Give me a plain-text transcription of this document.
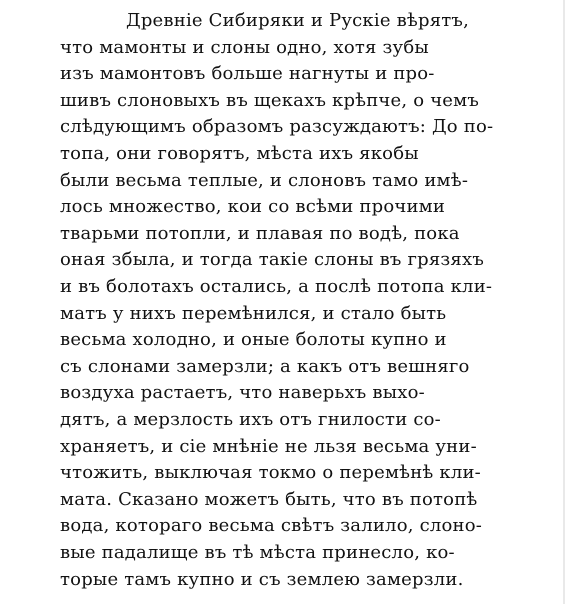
Древніе Сибиряки и Рускіе вѣрятъ,
что мамонты и слоны одно, хотя зубы
изъ мамонтовъ больше нагнуты и про-
шивъ слоновыхъ въ щекахъ крѣпче, о чемъ
слѣдующимъ образомъ разсуждаютъ: До по-
топа, они говорятъ, мѣста ихъ якобы
были весьма теплые, и слоновъ тамо имѣ-
лось множество, кои со всѣми прочими
тварьми потопли, и плавая по водѣ, пока
оная збыла, и тогда такіе слоны въ грязяхъ
и въ болотахъ остались, а послѣ потопа кли-
матъ у нихъ перемѣнился, и стало быть
весьма холодно, и оные болоты купно и
съ слонами замерзли; а какъ отъ вешняго
воздуха растаетъ, что наверьхъ выхо-
дятъ, а мерзлость ихъ отъ гнилости со-
храняетъ, и сіе мнѣніе не льзя весьма уни-
чтожить, выключая токмо о перемѣнѣ кли-
мата. Сказано можетъ быть, что въ потопѣ
вода, котораго весьма свѣтъ залило, слоно-
вые падалище въ тѣ мѣста принесло, ко-
торые тамъ купно и съ землею замерзли.
